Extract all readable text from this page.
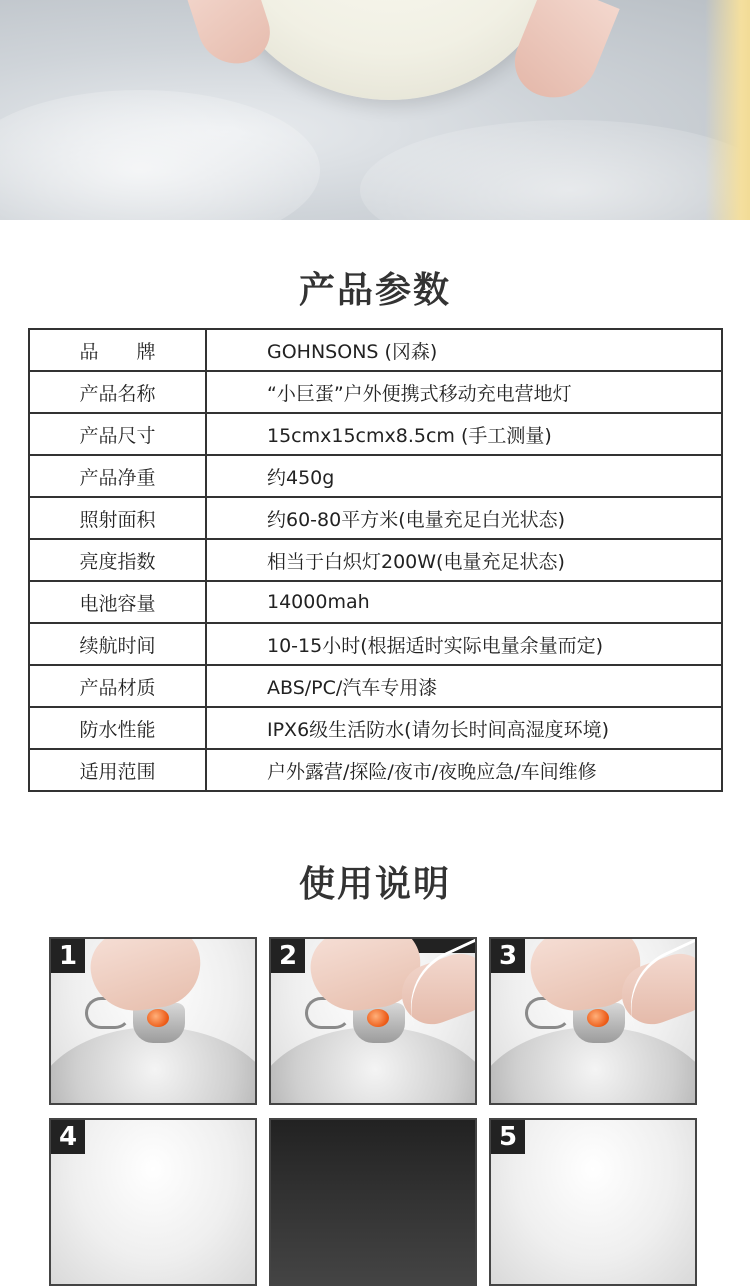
产品参数
品　　牌	GOHNSONS (冈森)
产品名称	“小巨蛋”户外便携式移动充电营地灯
产品尺寸	15cmx15cmx8.5cm (手工测量)
产品净重	约450g
照射面积	约60-80平方米(电量充足白光状态)
亮度指数	相当于白炽灯200W(电量充足状态)
电池容量	14000mah
续航时间	10-15小时(根据适时实际电量余量而定)
产品材质	ABS/PC/汽车专用漆
防水性能	IPX6级生活防水(请勿长时间高湿度环境)
适用范围	户外露营/探险/夜市/夜晚应急/车间维修
使用说明
1	2	3
4	5
